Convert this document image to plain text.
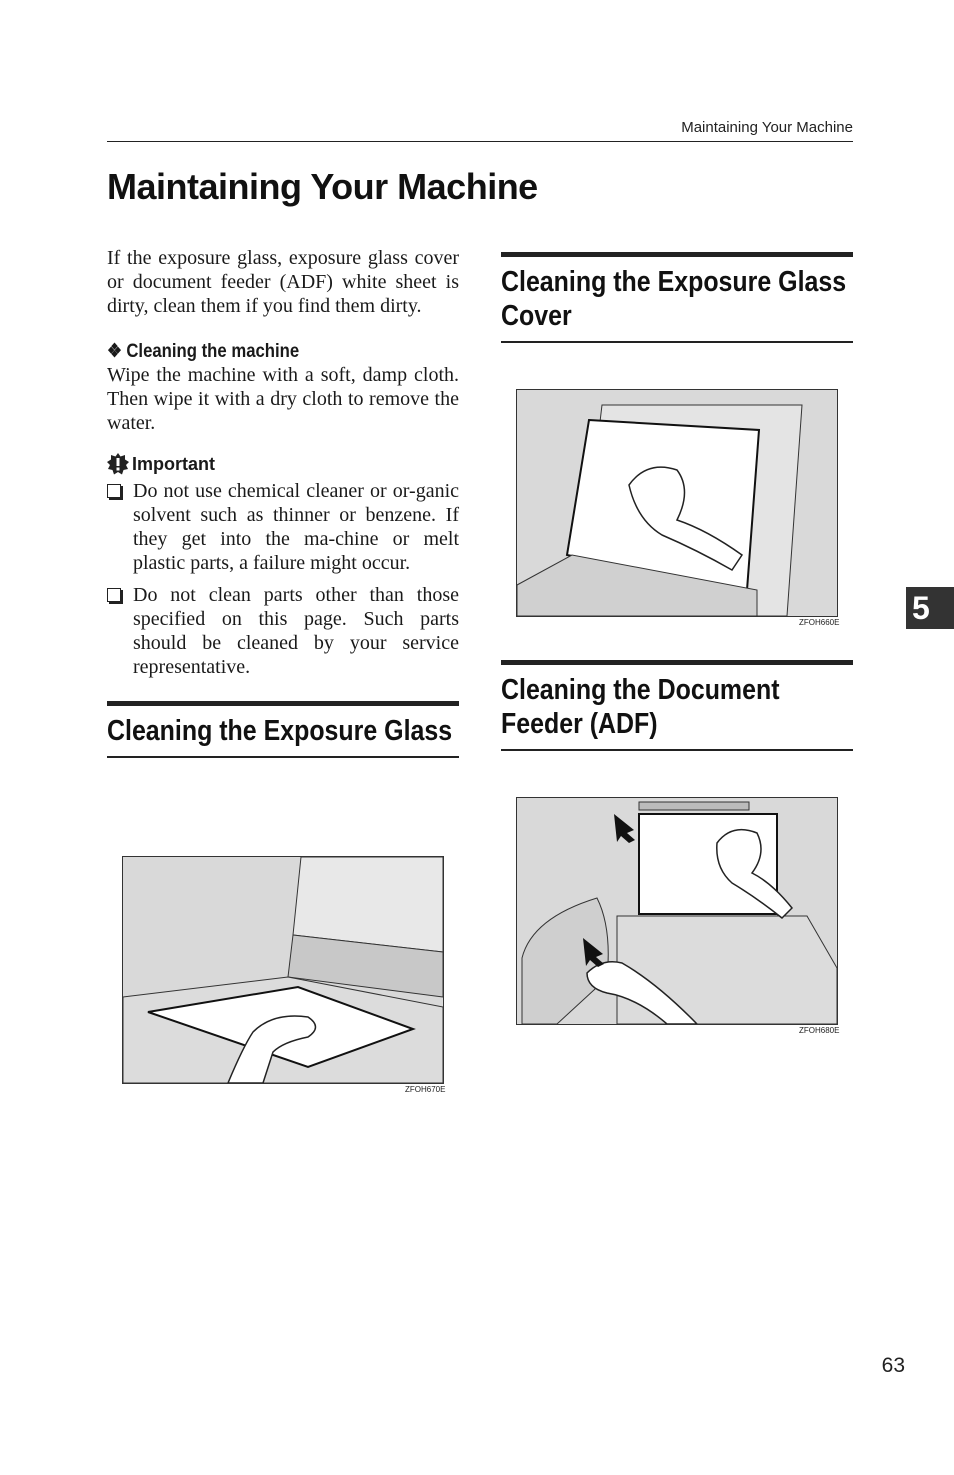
Maintaining Your Machine
Maintaining Your Machine

If the exposure glass, exposure glass cover or document feeder (ADF) white sheet is dirty, clean them if you find them dirty.

❖ Cleaning the machine

Wipe the machine with a soft, damp cloth. Then wipe it with a dry cloth to remove the water.

Important
Do not use chemical cleaner or or-ganic solvent such as thinner or benzene. If they get into the ma-chine or melt plastic parts, a failure might occur.
Do not clean parts other than those specified on this page. Such parts should be cleaned by your service representative.
Cleaning the Exposure Glass
Cleaning the Exposure Glass Cover
Cleaning the Document Feeder (ADF)
ZFOH670E
ZFOH660E
ZFOH680E
5
63
